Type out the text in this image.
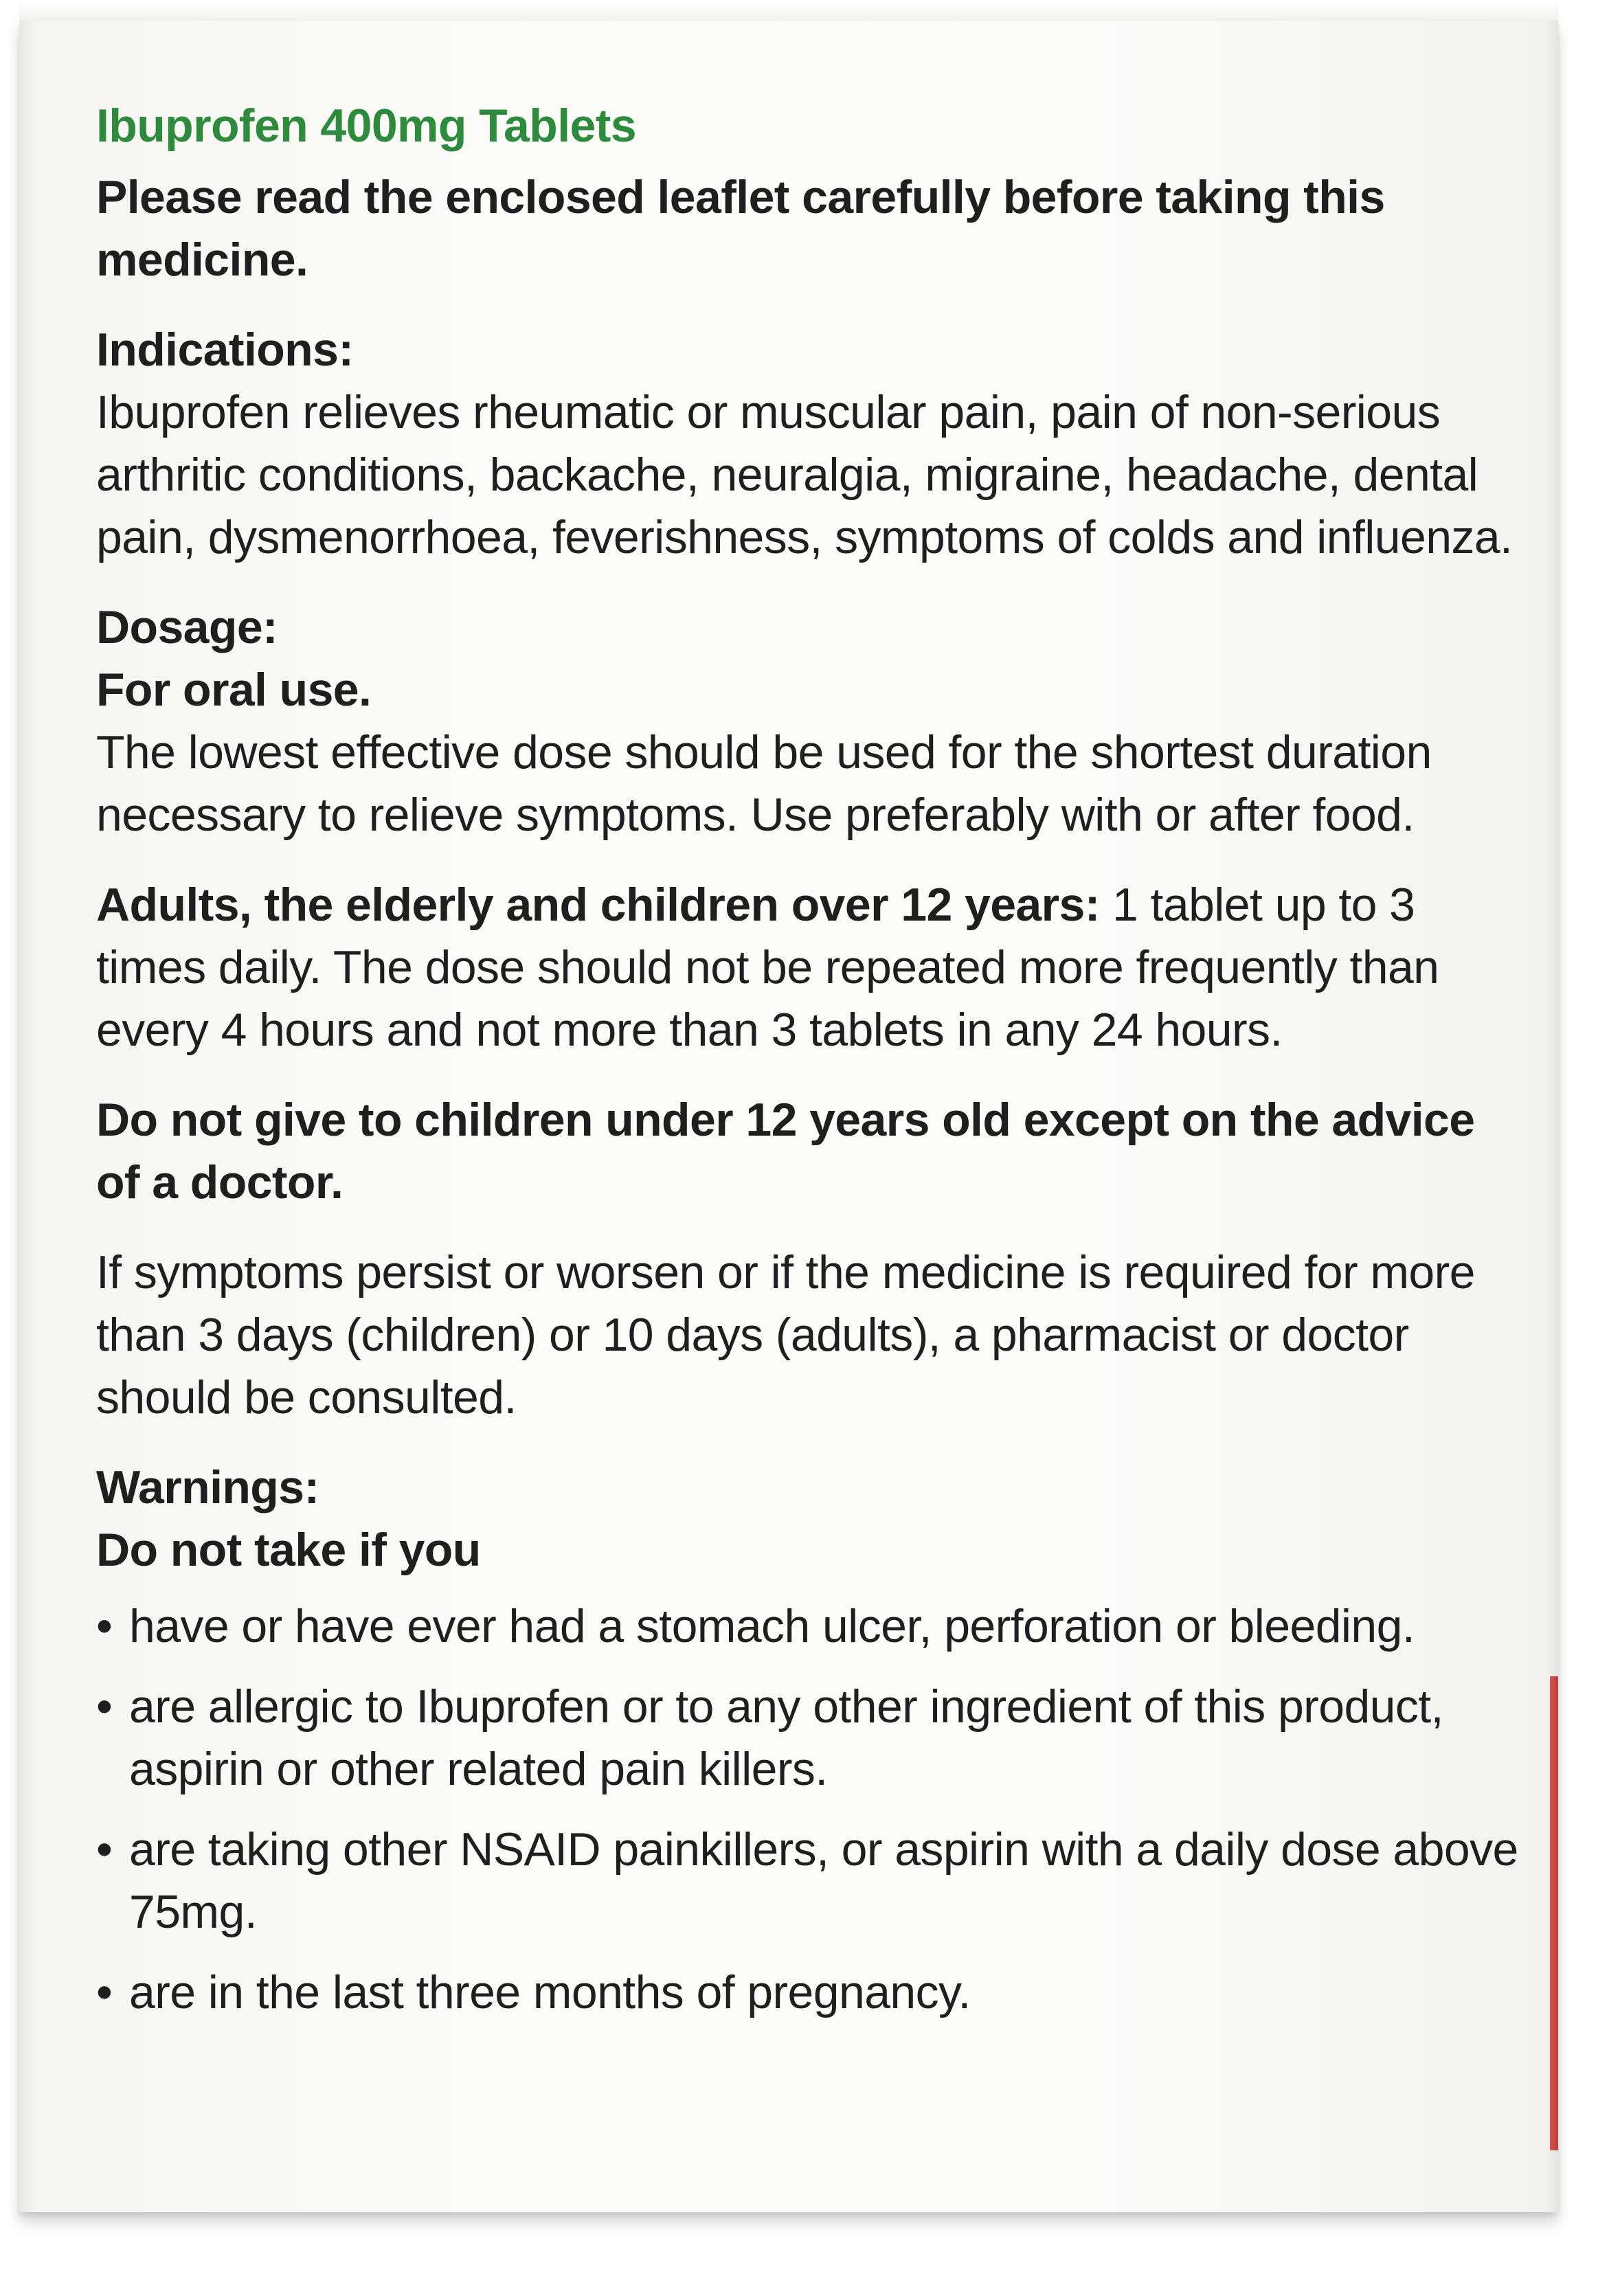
Ibuprofen 400mg Tablets

Please read the enclosed leaflet carefully before taking this medicine.

Indications:

Ibuprofen relieves rheumatic or muscular pain, pain of non-serious arthritic conditions, backache, neuralgia, migraine, headache, dental pain, dysmenorrhoea, feverishness, symptoms of colds and influenza.

Dosage:

For oral use.

The lowest effective dose should be used for the shortest duration necessary to relieve symptoms. Use preferably with or after food.

Adults, the elderly and children over 12 years: 1 tablet up to 3 times daily. The dose should not be repeated more frequently than every 4 hours and not more than 3 tablets in any 24 hours.

Do not give to children under 12 years old except on the advice of a doctor.

If symptoms persist or worsen or if the medicine is required for more than 3 days (children) or 10 days (adults), a pharmacist or doctor should be consulted.

Warnings:

Do not take if you

• have or have ever had a stomach ulcer, perforation or bleeding.
• are allergic to Ibuprofen or to any other ingredient of this product, aspirin or other related pain killers.
• are taking other NSAID painkillers, or aspirin with a daily dose above 75mg.
• are in the last three months of pregnancy.
